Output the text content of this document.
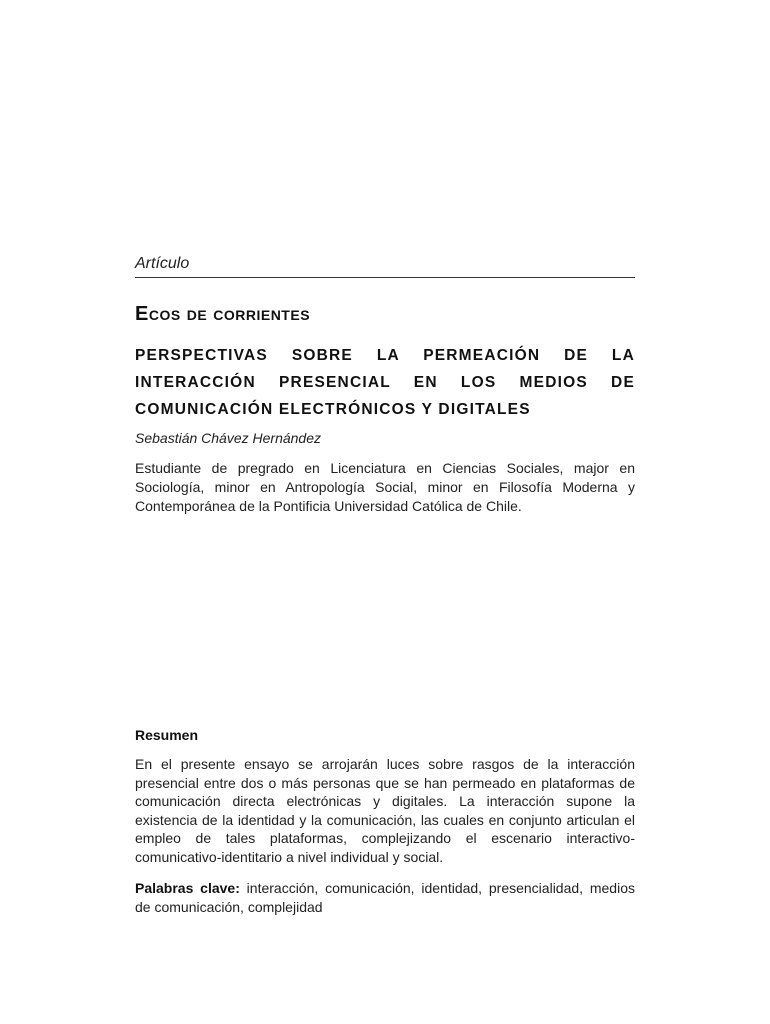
Artículo
Ecos de corrientes
PERSPECTIVAS SOBRE LA PERMEACIÓN DE LA INTERACCIÓN PRESENCIAL EN LOS MEDIOS DE COMUNICACIÓN ELECTRÓNICOS Y DIGITALES
Sebastián Chávez Hernández
Estudiante de pregrado en Licenciatura en Ciencias Sociales, major en Sociología, minor en Antropología Social, minor en Filosofía Moderna y Contemporánea de la Pontificia Universidad Católica de Chile.
Resumen
En el presente ensayo se arrojarán luces sobre rasgos de la interacción presencial entre dos o más personas que se han permeado en plataformas de comunicación directa electrónicas y digitales. La interacción supone la existencia de la identidad y la comunicación, las cuales en conjunto articulan el empleo de tales plataformas, complejizando el escenario interactivo-comunicativo-identitario a nivel individual y social.
Palabras clave: interacción, comunicación, identidad, presencialidad, medios de comunicación, complejidad
